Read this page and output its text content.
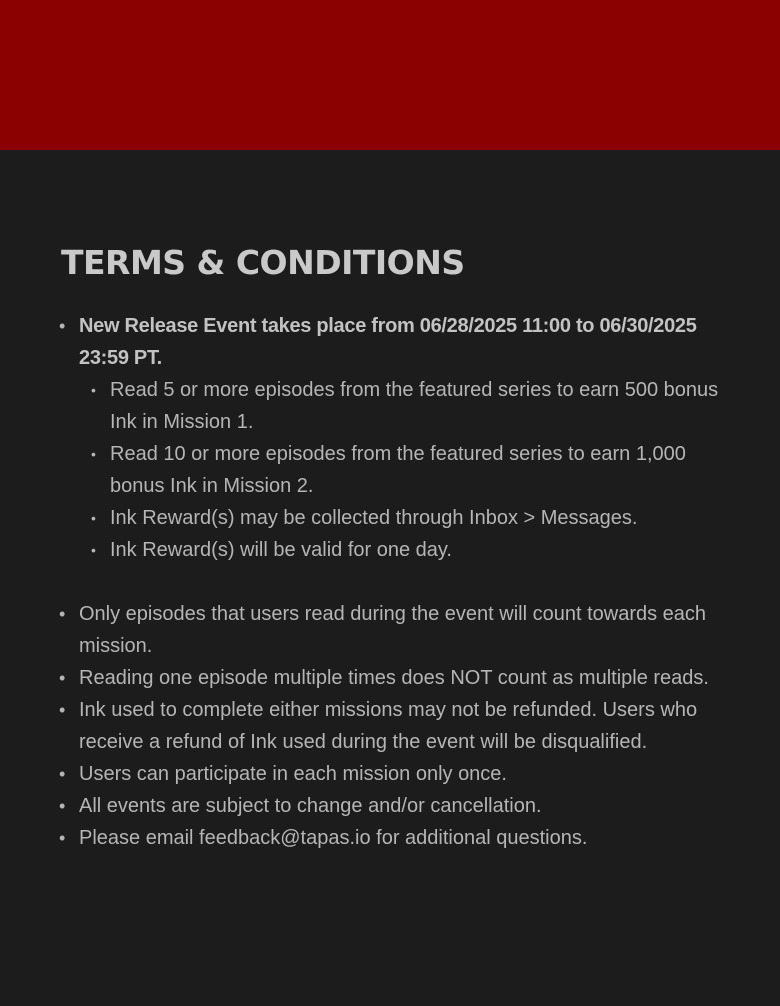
TERMS & CONDITIONS
• New Release Event takes place from 06/28/2025 11:00 to 06/30/2025 23:59 PT.
• Read 5 or more episodes from the featured series to earn 500 bonus Ink in Mission 1.
• Read 10 or more episodes from the featured series to earn 1,000 bonus Ink in Mission 2.
• Ink Reward(s) may be collected through Inbox > Messages.
• Ink Reward(s) will be valid for one day.
• Only episodes that users read during the event will count towards each mission.
• Reading one episode multiple times does NOT count as multiple reads.
• Ink used to complete either missions may not be refunded. Users who receive a refund of Ink used during the event will be disqualified.
• Users can participate in each mission only once.
• All events are subject to change and/or cancellation.
• Please email feedback@tapas.io for additional questions.
